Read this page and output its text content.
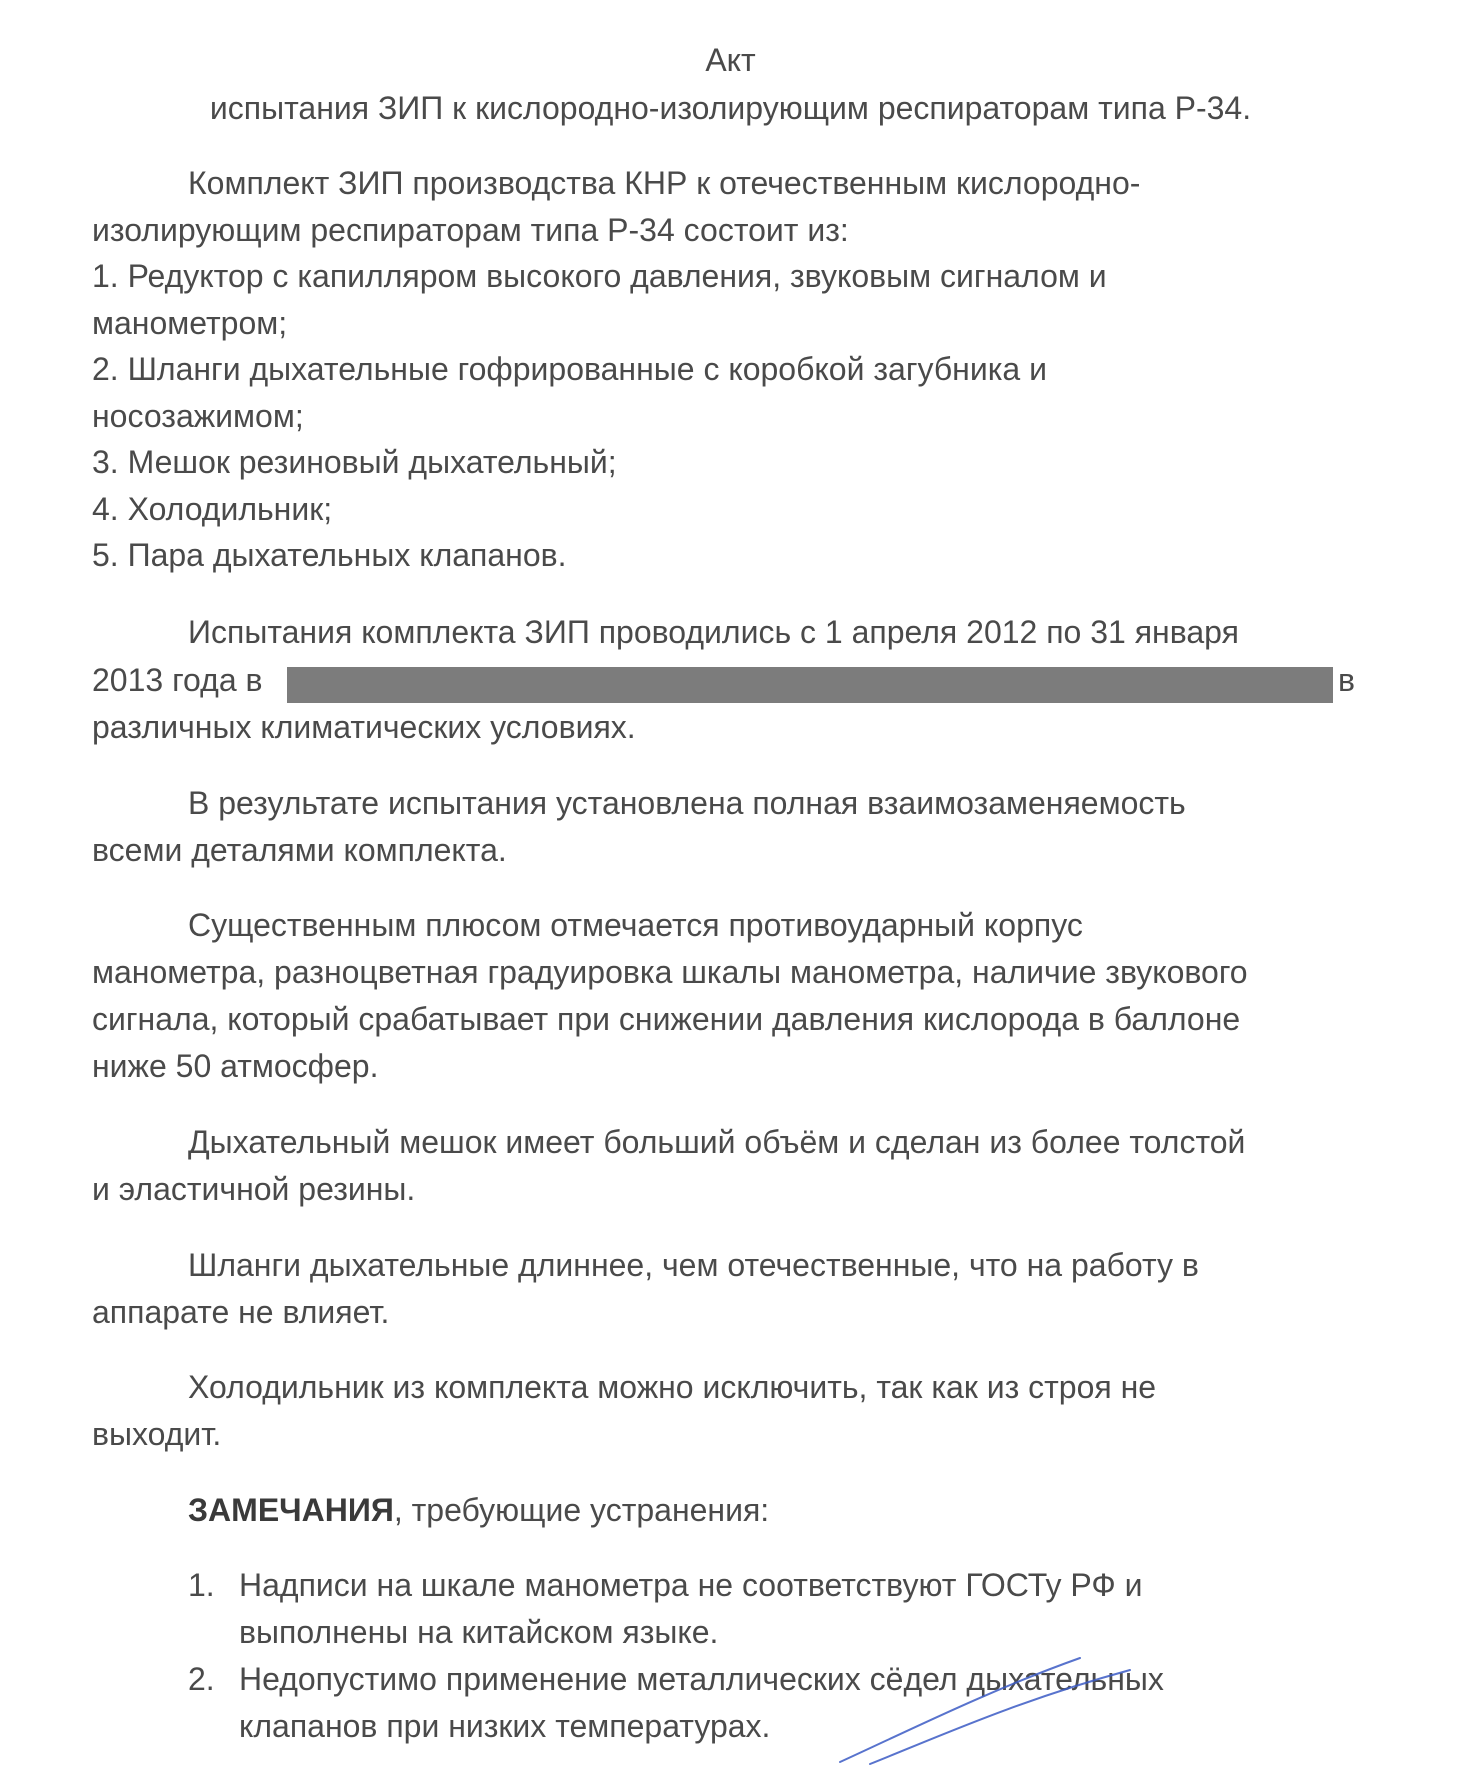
Акт
испытания ЗИП к кислородно-изолирующим респираторам типа Р-34.
Комплект ЗИП производства КНР к отечественным кислородно-
изолирующим респираторам типа Р-34 состоит из:
1. Редуктор с капилляром высокого давления, звуковым сигналом и
манометром;
2. Шланги дыхательные гофрированные с коробкой загубника и
носозажимом;
3. Мешок резиновый дыхательный;
4. Холодильник;
5. Пара дыхательных клапанов.
Испытания комплекта ЗИП проводились с 1 апреля 2012 по 31 января
2013 года в	в
различных климатических условиях.
В результате испытания установлена полная взаимозаменяемость
всеми деталями комплекта.
Существенным плюсом отмечается противоударный корпус
манометра, разноцветная градуировка шкалы манометра, наличие звукового
сигнала, который срабатывает при снижении давления кислорода в баллоне
ниже 50 атмосфер.
Дыхательный мешок имеет больший объём и сделан из более толстой
и эластичной резины.
Шланги дыхательные длиннее, чем отечественные, что на работу в
аппарате не влияет.
Холодильник из комплекта можно исключить, так как из строя не
выходит.
ЗАМЕЧАНИЯ, требующие устранения:
1. Надписи на шкале манометра не соответствуют ГОСТу РФ и
выполнены на китайском языке.
2. Недопустимо применение металлических сёдел дыхательных
клапанов при низких температурах.
